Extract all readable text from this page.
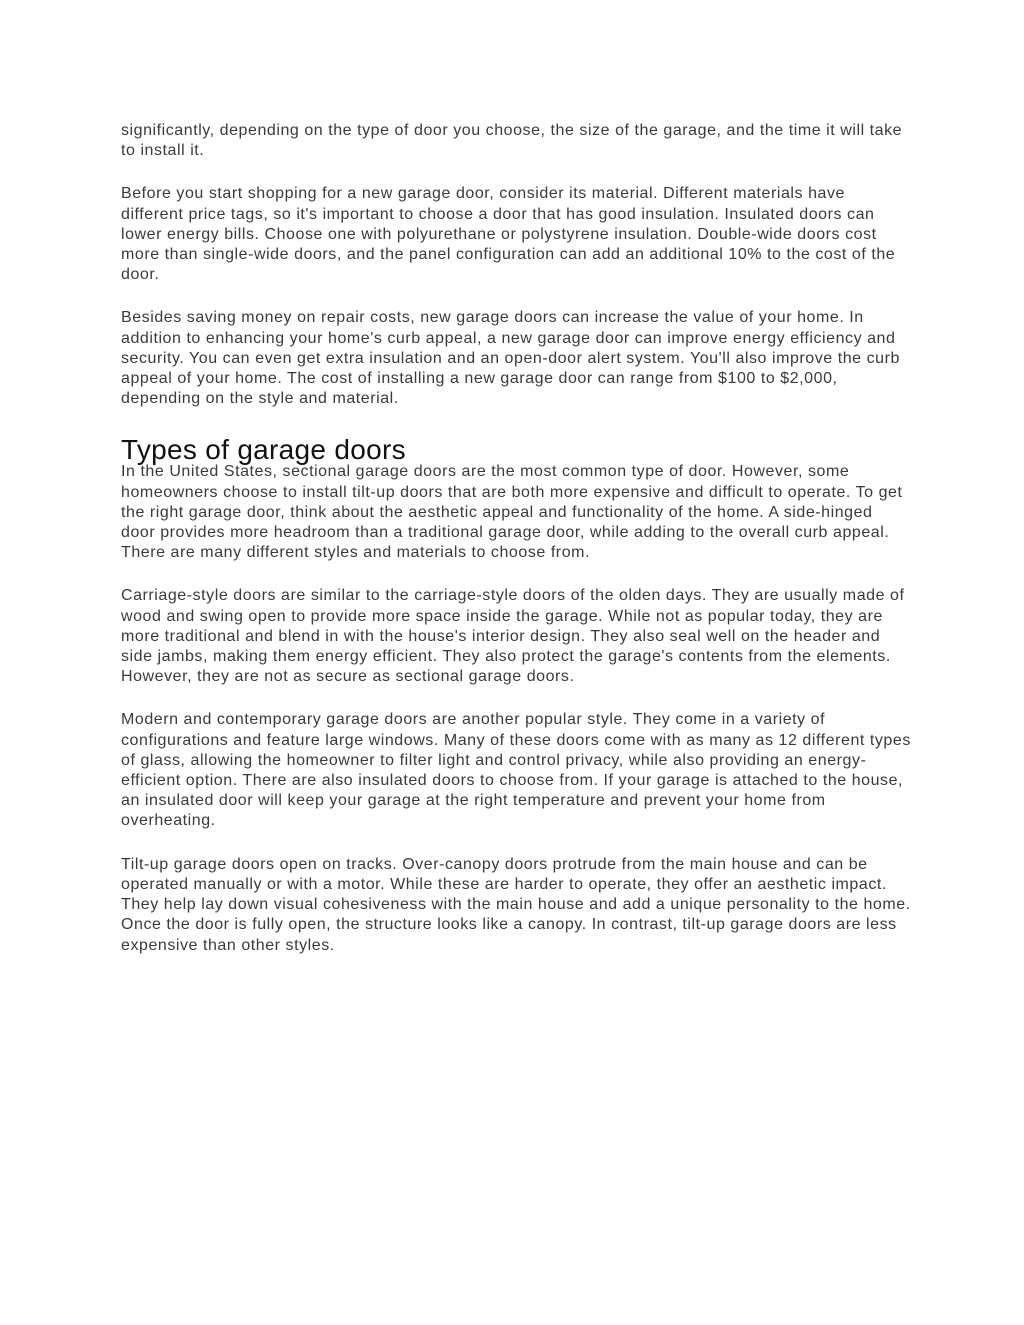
significantly, depending on the type of door you choose, the size of the garage, and the time it will take to install it.

Before you start shopping for a new garage door, consider its material. Different materials have different price tags, so it's important to choose a door that has good insulation. Insulated doors can lower energy bills. Choose one with polyurethane or polystyrene insulation. Double-wide doors cost more than single-wide doors, and the panel configuration can add an additional 10% to the cost of the door.

Besides saving money on repair costs, new garage doors can increase the value of your home. In addition to enhancing your home's curb appeal, a new garage door can improve energy efficiency and security. You can even get extra insulation and an open-door alert system. You'll also improve the curb appeal of your home. The cost of installing a new garage door can range from $100 to $2,000, depending on the style and material.

Types of garage doors

In the United States, sectional garage doors are the most common type of door. However, some homeowners choose to install tilt-up doors that are both more expensive and difficult to operate. To get the right garage door, think about the aesthetic appeal and functionality of the home. A side-hinged door provides more headroom than a traditional garage door, while adding to the overall curb appeal. There are many different styles and materials to choose from.

Carriage-style doors are similar to the carriage-style doors of the olden days. They are usually made of wood and swing open to provide more space inside the garage. While not as popular today, they are more traditional and blend in with the house's interior design. They also seal well on the header and side jambs, making them energy efficient. They also protect the garage's contents from the elements. However, they are not as secure as sectional garage doors.

Modern and contemporary garage doors are another popular style. They come in a variety of configurations and feature large windows. Many of these doors come with as many as 12 different types of glass, allowing the homeowner to filter light and control privacy, while also providing an energy-efficient option. There are also insulated doors to choose from. If your garage is attached to the house, an insulated door will keep your garage at the right temperature and prevent your home from overheating.

Tilt-up garage doors open on tracks. Over-canopy doors protrude from the main house and can be operated manually or with a motor. While these are harder to operate, they offer an aesthetic impact. They help lay down visual cohesiveness with the main house and add a unique personality to the home. Once the door is fully open, the structure looks like a canopy. In contrast, tilt-up garage doors are less expensive than other styles.
